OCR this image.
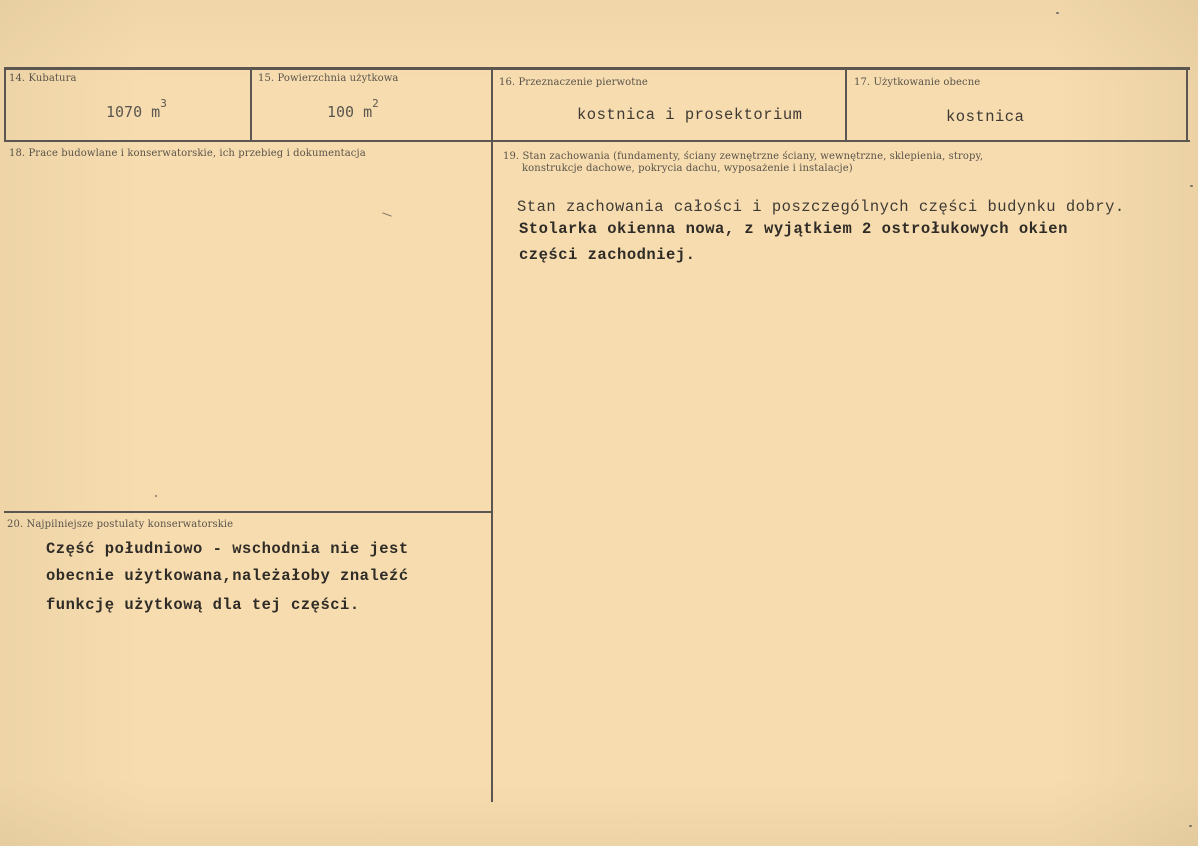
14. Kubatura
1070 $m^3$
15. Powierzchnia użytkowa
100 $m^2$
16. Przeznaczenie pierwotne
kostnica i prosektorium
17. Użytkowanie obecne
kostnica
18. Prace budowlane i konserwatorskie, ich przebieg i dokumentacja	19. Stan zachowania (fundamenty, ściany zewnętrzne ściany, wewnętrzne, sklepienia, stropy,
konstrukcje dachowe, pokrycia dachu, wyposażenie i instalacje)
Stan zachowania całości i poszczególnych części budynku dobry.
Stolarka okienna nowa, z wyjątkiem 2 ostrołukowych okien
części zachodniej.
20. Najpilniejsze postulaty konserwatorskie
Część południowo - wschodnia nie jest
obecnie użytkowana,należałoby znaleźć
funkcję użytkową dla tej części.
